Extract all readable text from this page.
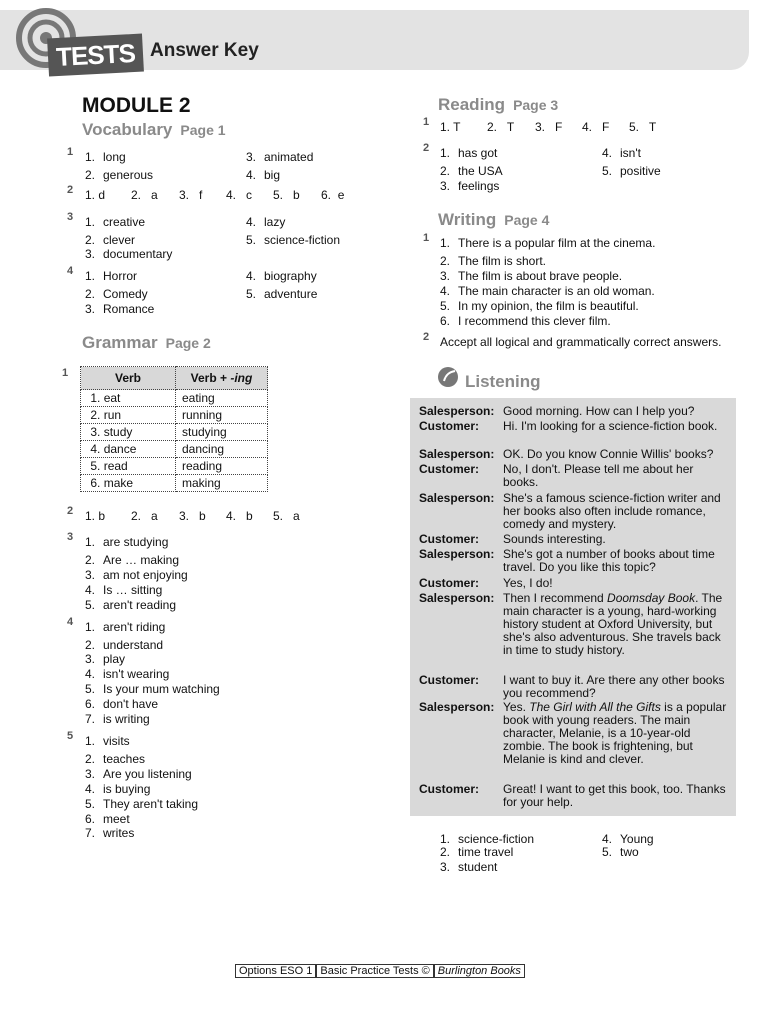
TESTS Answer Key
MODULE 2
Vocabulary Page 1
1 1. long
2. generous
3. animated
4. big
2 1. d 2. a 3. f 4. c 5. b 6. e
3 1. creative
2. clever
3. documentary
4. lazy
5. science-fiction
4 1. Horror
2. Comedy
3. Romance
4. biography
5. adventure
Grammar Page 2
1	Verb	Verb + -ing
1. eat	eating
2. run	running
3. study	studying
4. dance	dancing
5. read	reading
6. make	making
2 1. b 2. a 3. b 4. b 5. a
3 1. are studying
2. Are … making
3. am not enjoying
4. Is … sitting
5. aren't reading
4 1. aren't riding
2. understand
3. play
4. isn't wearing
5. Is your mum watching
6. don't have
7. is writing
5 1. visits
2. teaches
3. Are you listening
4. is buying
5. They aren't taking
6. meet
7. writes
Reading Page 3
1 1. T 2. T 3. F 4. F 5. T
2 1. has got
2. the USA
3. feelings
4. isn't
5. positive
Writing Page 4
1 1. There is a popular film at the cinema.
2. The film is short.
3. The film is about brave people.
4. The main character is an old woman.
5. In my opinion, the film is beautiful.
6. I recommend this clever film.
2 Accept all logical and grammatically correct answers.
Listening
Salesperson: Good morning. How can I help you?
Customer:	Hi. I'm looking for a science-fiction book.
Salesperson: OK. Do you know Connie Willis' books?
Customer:	No, I don't. Please tell me about her books.
Salesperson: She's a famous science-fiction writer and her books also often include romance, comedy and mystery.
Customer:	Sounds interesting.
Salesperson: She's got a number of books about time travel. Do you like this topic?
Customer:	Yes, I do!
Salesperson: Then I recommend Doomsday Book. The main character is a young, hard-working history student at Oxford University, but she's also adventurous. She travels back in time to study history.
Customer:	I want to buy it. Are there any other books you recommend?
Salesperson: Yes. The Girl with All the Gifts is a popular book with young readers. The main character, Melanie, is a 10-year-old zombie. The book is frightening, but Melanie is kind and clever.
Customer:	Great! I want to get this book, too. Thanks for your help.
1. science-fiction
2. time travel
3. student
4. Young
5. two
Options ESO 1 Basic Practice Tests © Burlington Books
